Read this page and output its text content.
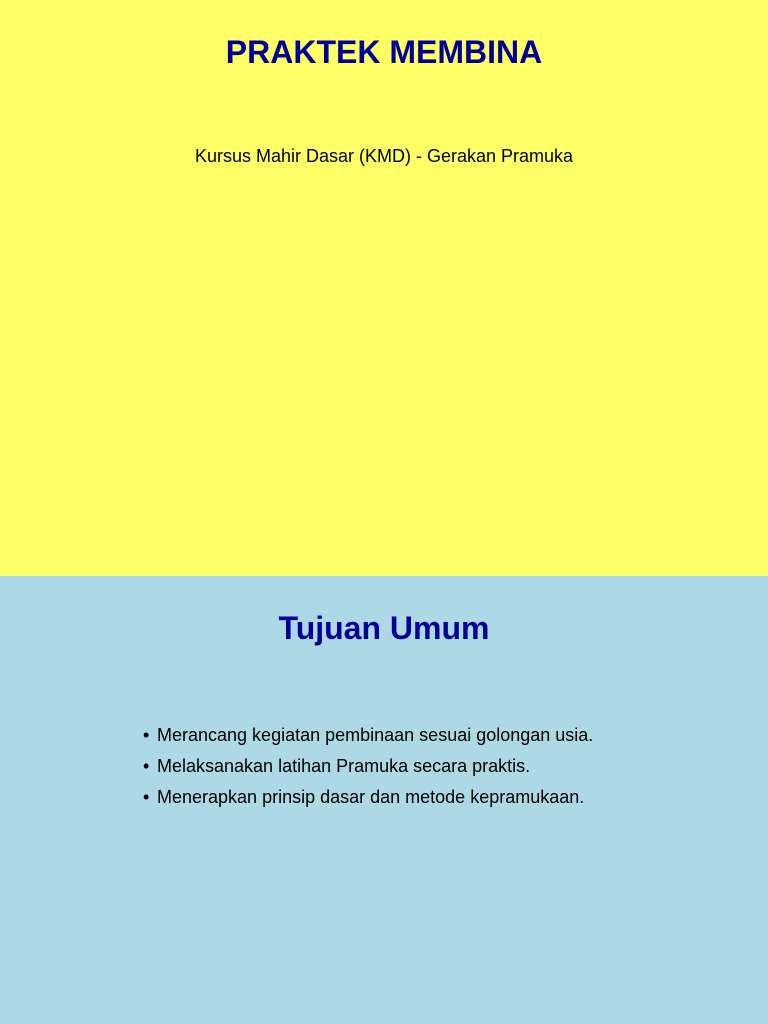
PRAKTEK MEMBINA

Kursus Mahir Dasar (KMD) - Gerakan Pramuka

Tujuan Umum
• Merancang kegiatan pembinaan sesuai golongan usia.
• Melaksanakan latihan Pramuka secara praktis.
• Menerapkan prinsip dasar dan metode kepramukaan.
